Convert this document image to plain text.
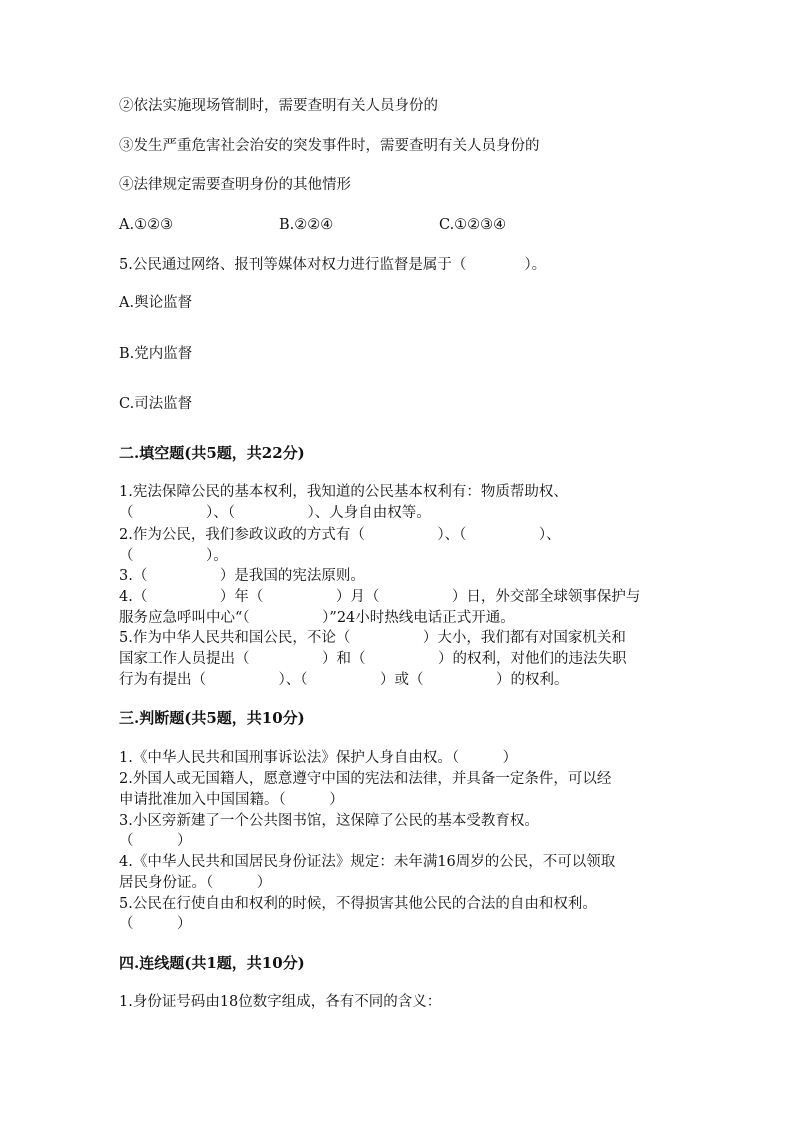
②依法实施现场管制时，需要查明有关人员身份的
③发生严重危害社会治安的突发事件时，需要查明有关人员身份的
④法律规定需要查明身份的其他情形

A.①②③

	B.②②④

	C.①②③④

5.公民通过网络、报刊等媒体对权力进行监督是属于（　　　　）。
A.舆论监督
B.党内监督
C.司法监督
二.填空题(共5题，共22分)
1.宪法保障公民的基本权利，我知道的公民基本权利有：物质帮助权、
（　　　　　）、（　　　　　）、人身自由权等。
2.作为公民，我们参政议政的方式有（　　　　　）、（　　　　　）、
（　　　　　）。
3.（　　　　　）是我国的宪法原则。
4.（　　　　　）年（　　　　　）月（　　　　　）日，外交部全球领事保护与
服务应急呼叫中心“（　　　　　）”24小时热线电话正式开通。
5.作为中华人民共和国公民，不论（　　　　　）大小，我们都有对国家机关和
国家工作人员提出（　　　　　）和（　　　　　）的权利，对他们的违法失职
行为有提出（　　　　　）、（　　　　　）或（　　　　　）的权利。
三.判断题(共5题，共10分)
1.《中华人民共和国刑事诉讼法》保护人身自由权。（　　　）
2.外国人或无国籍人，愿意遵守中国的宪法和法律，并具备一定条件，可以经
申请批准加入中国国籍。（　　　）
3.小区旁新建了一个公共图书馆，这保障了公民的基本受教育权。
（　　　）
4.《中华人民共和国居民身份证法》规定：未年满16周岁的公民，不可以领取
居民身份证。（　　　）
5.公民在行使自由和权利的时候，不得损害其他公民的合法的自由和权利。
（　　　）
四.连线题(共1题，共10分)
1.身份证号码由18位数字组成，各有不同的含义：
